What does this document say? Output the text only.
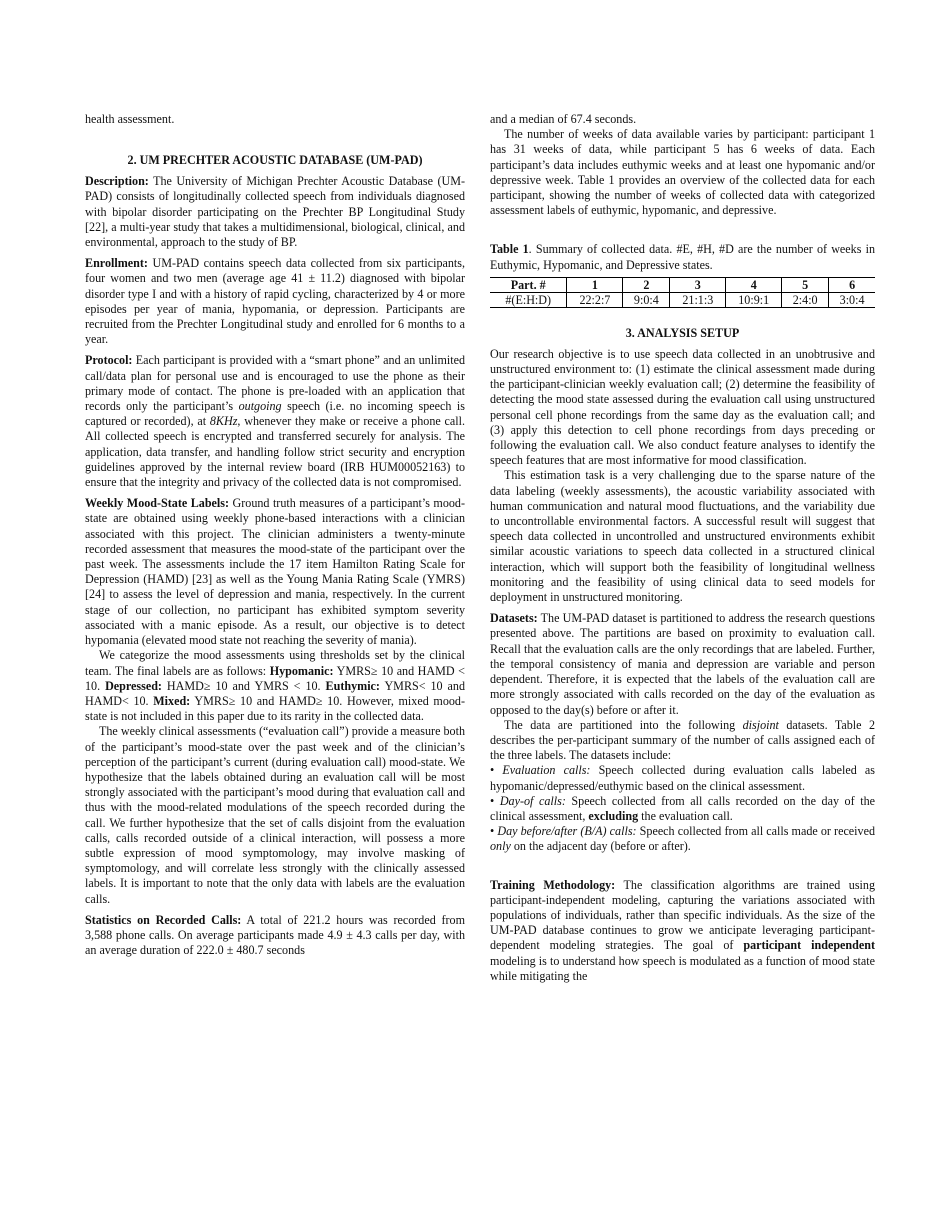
health assessment.

2. UM PRECHTER ACOUSTIC DATABASE (UM-PAD)

Description: The University of Michigan Prechter Acoustic Database (UM-PAD) consists of longitudinally collected speech from individuals diagnosed with bipolar disorder participating on the Prechter BP Longitudinal Study [22], a multi-year study that takes a multidimensional, biological, clinical, and environmental, approach to the study of BP.

Enrollment: UM-PAD contains speech data collected from six participants, four women and two men (average age 41 ± 11.2) diagnosed with bipolar disorder type I and with a history of rapid cycling, characterized by 4 or more episodes per year of mania, hypomania, or depression. Participants are recruited from the Prechter Longitudinal study and enrolled for 6 months to a year.

Protocol: Each participant is provided with a “smart phone” and an unlimited call/data plan for personal use and is encouraged to use the phone as their primary mode of contact. The phone is pre-loaded with an application that records only the participant’s outgoing speech (i.e. no incoming speech is captured or recorded), at 8KHz, whenever they make or receive a phone call. All collected speech is encrypted and transferred securely for analysis. The application, data transfer, and handling follow strict security and encryption guidelines approved by the internal review board (IRB HUM00052163) to ensure that the integrity and privacy of the collected data is not compromised.

Weekly Mood-State Labels: Ground truth measures of a participant’s mood-state are obtained using weekly phone-based interactions with a clinician associated with this project. The clinician administers a twenty-minute recorded assessment that measures the mood-state of the participant over the past week. The assessments include the 17 item Hamilton Rating Scale for Depression (HAMD) [23] as well as the Young Mania Rating Scale (YMRS) [24] to assess the level of depression and mania, respectively. In the current stage of our collection, no participant has exhibited symptom severity associated with a manic episode. As a result, our objective is to detect hypomania (elevated mood state not reaching the severity of mania).

We categorize the mood assessments using thresholds set by the clinical team. The final labels are as follows: Hypomanic: YMRS≥ 10 and HAMD < 10. Depressed: HAMD≥ 10 and YMRS < 10. Euthymic: YMRS< 10 and HAMD< 10. Mixed: YMRS≥ 10 and HAMD≥ 10. However, mixed mood-state is not included in this paper due to its rarity in the collected data.

The weekly clinical assessments (“evaluation call”) provide a measure both of the participant’s mood-state over the past week and of the clinician’s perception of the participant’s current (during evaluation call) mood-state. We hypothesize that the labels obtained during an evaluation call will be most strongly associated with the participant’s mood during that evaluation call and thus with the mood-related modulations of the speech recorded during the call. We further hypothesize that the set of calls disjoint from the evaluation calls, calls recorded outside of a clinical interaction, will possess a more subtle expression of mood symptomology, may involve masking of symptomology, and will correlate less strongly with the clinically assessed labels. It is important to note that the only data with labels are the evaluation calls.

Statistics on Recorded Calls: A total of 221.2 hours was recorded from 3,588 phone calls. On average participants made 4.9 ± 4.3 calls per day, with an average duration of 222.0 ± 480.7 seconds

and a median of 67.4 seconds.

The number of weeks of data available varies by participant: participant 1 has 31 weeks of data, while participant 5 has 6 weeks of data. Each participant’s data includes euthymic weeks and at least one hypomanic and/or depressive week. Table 1 provides an overview of the collected data for each participant, showing the number of weeks of collected data with categorized assessment labels of euthymic, hypomanic, and depressive.

Table 1. Summary of collected data. #E, #H, #D are the number of weeks in Euthymic, Hypomanic, and Depressive states.

Part. #	1	2	3	4	5	6
#(E:H:D)	22:2:7	9:0:4	21:1:3	10:9:1	2:4:0	3:0:4
3. ANALYSIS SETUP

Our research objective is to use speech data collected in an unobtrusive and unstructured environment to: (1) estimate the clinical assessment made during the participant-clinician weekly evaluation call; (2) determine the feasibility of detecting the mood state assessed during the evaluation call using unstructured personal cell phone recordings from the same day as the evaluation call; and (3) apply this detection to cell phone recordings from days preceding or following the evaluation call. We also conduct feature analyses to identify the speech features that are most informative for mood classification.

This estimation task is a very challenging due to the sparse nature of the data labeling (weekly assessments), the acoustic variability associated with human communication and natural mood fluctuations, and the variability due to uncontrollable environmental factors. A successful result will suggest that speech data collected in uncontrolled and unstructured environments exhibit similar acoustic variations to speech data collected in a structured clinical interaction, which will support both the feasibility of longitudinal wellness monitoring and the feasibility of using clinical data to seed models for deployment in unstructured monitoring.

Datasets: The UM-PAD dataset is partitioned to address the research questions presented above. The partitions are based on proximity to evaluation call. Recall that the evaluation calls are the only recordings that are labeled. Further, the temporal consistency of mania and depression are variable and person dependent. Therefore, it is expected that the labels of the evaluation call are more strongly associated with calls recorded on the day of the evaluation as opposed to the day(s) before or after it.

The data are partitioned into the following disjoint datasets. Table 2 describes the per-participant summary of the number of calls assigned each of the three labels. The datasets include:

• Evaluation calls: Speech collected during evaluation calls labeled as hypomanic/depressed/euthymic based on the clinical assessment.

• Day-of calls: Speech collected from all calls recorded on the day of the clinical assessment, excluding the evaluation call.

• Day before/after (B/A) calls: Speech collected from all calls made or received only on the adjacent day (before or after).

Training Methodology: The classification algorithms are trained using participant-independent modeling, capturing the variations associated with populations of individuals, rather than specific individuals. As the size of the UM-PAD database continues to grow we anticipate leveraging participant-dependent modeling strategies. The goal of participant independent modeling is to understand how speech is modulated as a function of mood state while mitigating the
